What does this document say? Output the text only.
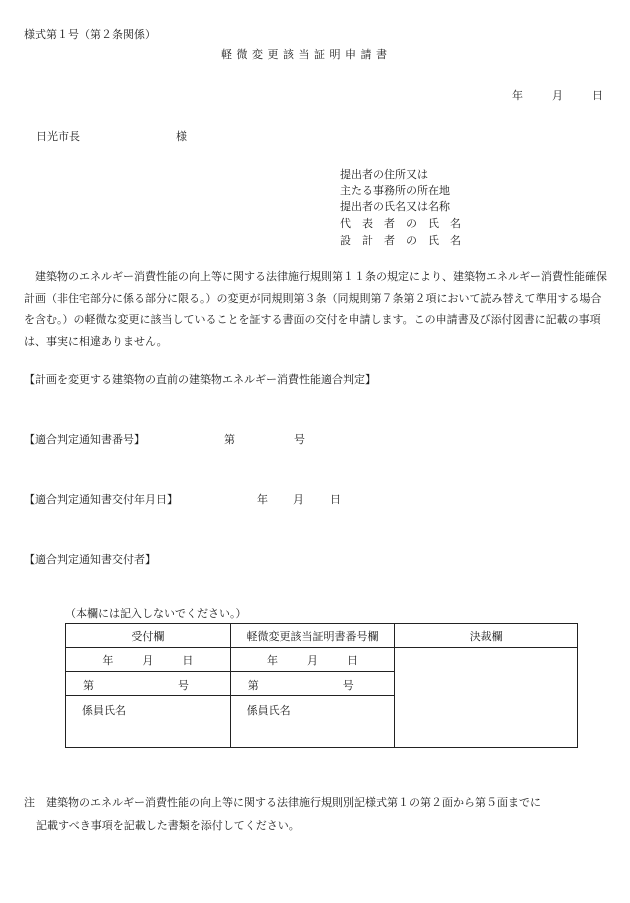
様式第１号（第２条関係）
軽微変更該当証明申請書
年	月	日
日光市長	様
提出者の住所又は
主たる事務所の所在地
提出者の氏名又は名称
代　表　者　の　氏　名
設　計　者　の　氏　名
建築物のエネルギー消費性能の向上等に関する法律施行規則第１１条の規定により、建築物エネルギー消費性能確保計画（非住宅部分に係る部分に限る。）の変更が同規則第３条（同規則第７条第２項において読み替えて準用する場合を含む。）の軽微な変更に該当していることを証する書面の交付を申請します。この申請書及び添付図書に記載の事項は、事実に相違ありません。
【計画を変更する建築物の直前の建築物エネルギー消費性能適合判定】
【適合判定通知書番号】	第	号
【適合判定通知書交付年月日】	年 月 日
【適合判定通知書交付者】
（本欄には記入しないでください。）
受付欄	軽微変更該当証明書番号欄	決裁欄
年 月 日	年 月 日	

第 号	第 号	

係員氏名	係員氏名	
注 建築物のエネルギー消費性能の向上等に関する法律施行規則別記様式第１の第２面から第５面までに
記載すべき事項を記載した書類を添付してください。
